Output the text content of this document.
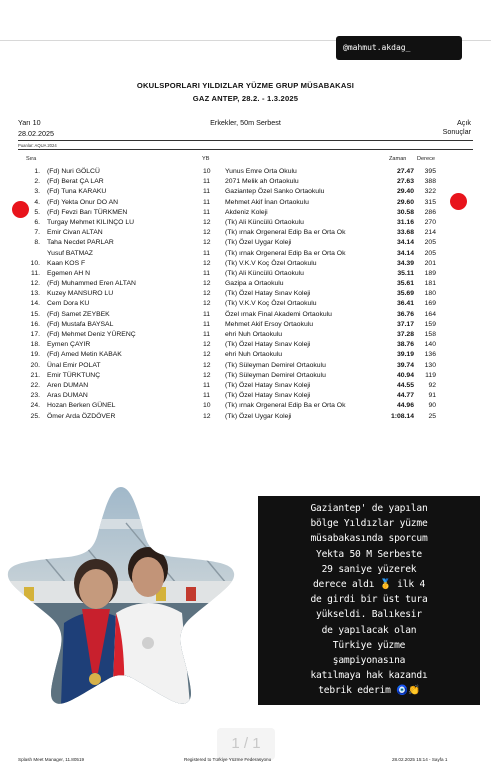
@mahmut.akdag_
OKULSPORLARI YILDIZLAR YÜZME GRUP MÜSABAKASI
GAZ ANTEP, 28.2. - 1.3.2025
Yarı 10
28.02.2025
Erkekler, 50m Serbest	Açık
Sonuçlar
Puanlar: AQUA 2024
Sıra	YB	Zaman Derece
1. (Fd) Nuri GÖLCÜ	10 Yunus Emre Orta Okulu	27.47	395
2. (Fd) Berat ÇA LAR	11 2071 Melik ah Ortaokulu	27.63	388
3. (Fd) Tuna KARAKU	11 Gaziantep Özel Sanko Ortaokulu	29.40	322
4. (Fd) Yekta Onur DO AN	11 Mehmet Akif İnan Ortaokulu	29.60	315
5. (Fd) Fevzi Barı TÜRKMEN	11 Akdeniz Koleji	30.58	286
6. Turgay Mehmet KILINÇO LU	12 (Tk) Ali Küncülü Ortaokulu	31.16	270
7. Emir Civan ALTAN	12 (Tk) ırnak Orgeneral Edip Ba er Orta Ok	33.68	214
8. Taha Necdet PARLAR	12 (Tk) Özel Uygar Koleji	34.14	205
Yusuf BATMAZ	11 (Tk) ırnak Orgeneral Edip Ba er Orta Ok	34.14	205
10. Kaan KOS F	12 (Tk) V.K.V Koç Özel Ortaokulu	34.39	201
11. Egemen AH N	11 (Tk) Ali Küncülü Ortaokulu	35.11	189
12. (Fd) Muhammed Eren ALTAN	12 Gazipa a Ortaokulu	35.61	181
13. Kuzey MANSURO LU	12 (Tk) Özel Hatay Sınav Koleji	35.69	180
14. Cem Dora KU	12 (Tk) V.K.V Koç Özel Ortaokulu	36.41	169
15. (Fd) Samet ZEYBEK	11 Özel ırnak Final Akademi Ortaokulu	36.76	164
16. (Fd) Mustafa BAYSAL	11 Mehmet Akif Ersoy Ortaokulu	37.17	159
17. (Fd) Mehmet Deniz YÜRENÇ	11 ehri Nuh Ortaokulu	37.28	158
18. Eymen ÇAYIR	12 (Tk) Özel Hatay Sınav Koleji	38.76	140
19. (Fd) Amed Metin KABAK	12 ehri Nuh Ortaokulu	39.19	136
20. Ünal Emir POLAT	12 (Tk) Süleyman Demirel Ortaokulu	39.74	130
21. Emir TÜRKTUNÇ	12 (Tk) Süleyman Demirel Ortaokulu	40.94	119
22. Aren DUMAN	11 (Tk) Özel Hatay Sınav Koleji	44.55	92
23. Aras DUMAN	11 (Tk) Özel Hatay Sınav Koleji	44.77	91
24. Hozan Berken GÜNEL	10 (Tk) ırnak Orgeneral Edip Ba er Orta Ok	44.96	90
25. Ömer Arda ÖZDÖVER	12 (Tk) Özel Uygar Koleji	1:08.14	25
Gaziantep' de yapılan
bölge Yıldızlar yüzme
müsabakasında sporcum
Yekta 50 M Serbeste
29 saniye yüzerek
derece aldı 🥇 ilk 4
de girdi bir üst tura
yükseldi. Balıkesir
de yapılacak olan
Türkiye yüzme
şampiyonasına
katılmaya hak kazandı
tebrik ederim 🧿👏
1 / 1
Splash Meet Manager, 11.80519	Registered to Türkiye Yüzme Federasyonu	28.02.2025 15:14 - Sayfa 1
